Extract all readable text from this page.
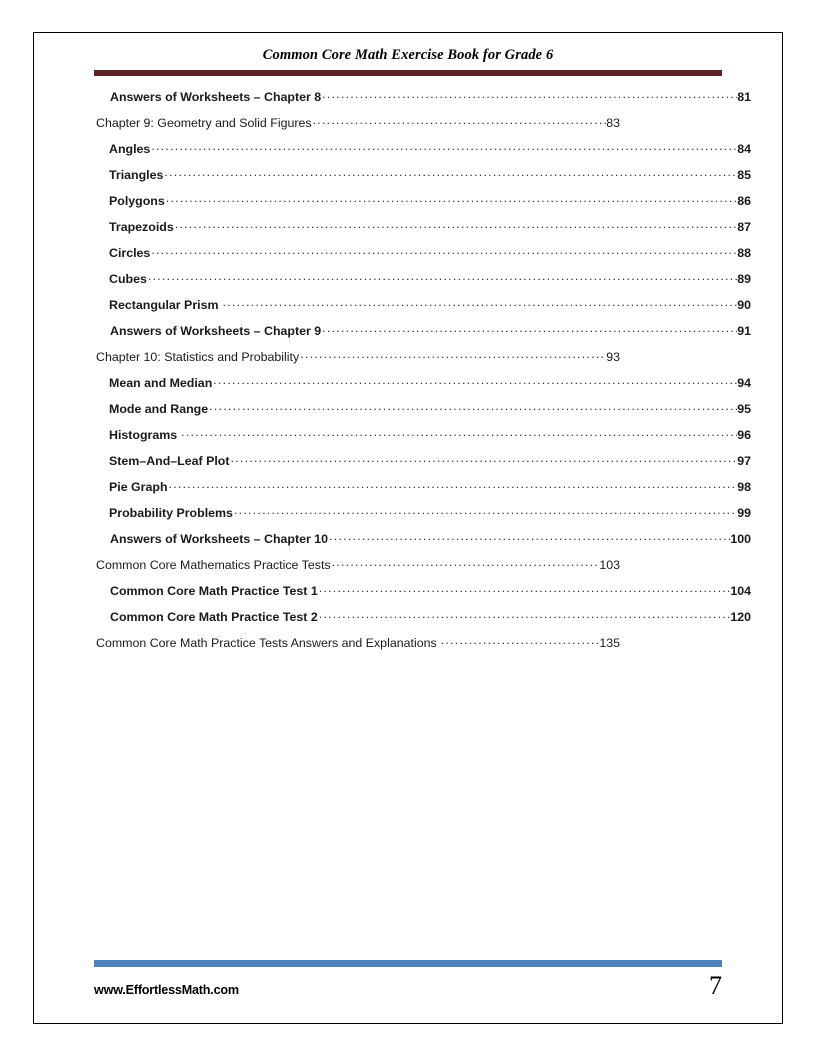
Common Core Math Exercise Book for Grade 6
Answers of Worksheets – Chapter 8 .....	81
Chapter 9: Geometry and Solid Figures .....	83
Angles .....	84
Triangles .....	85
Polygons .....	86
Trapezoids .....	87
Circles .....	88
Cubes .....	89
Rectangular Prism .....	90
Answers of Worksheets – Chapter 9 .....	91
Chapter 10: Statistics and Probability .....	93
Mean and Median .....	94
Mode and Range .....	95
Histograms .....	96
Stem–And–Leaf Plot .....	97
Pie Graph .....	98
Probability Problems .....	99
Answers of Worksheets – Chapter 10 .....	100
Common Core Mathematics Practice Tests .....	103
Common Core Math Practice Test 1 .....	104
Common Core Math Practice Test 2 .....	120
Common Core Math Practice Tests Answers and Explanations .....	135
www.EffortlessMath.com	7
